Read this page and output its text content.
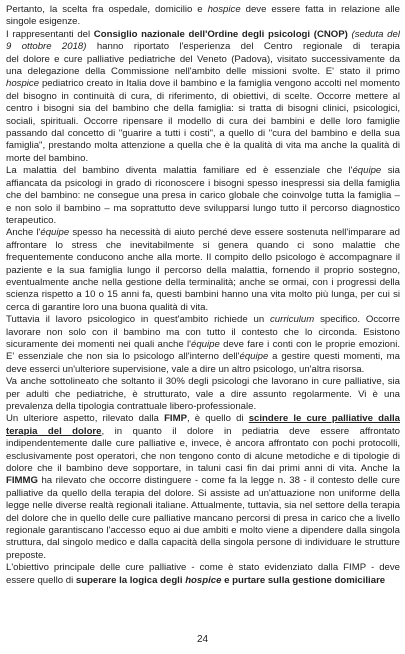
Pertanto, la scelta fra ospedale, domicilio e hospice deve essere fatta in relazione alle
singole esigenze.

I rappresentanti del Consiglio nazionale dell'Ordine degli psicologi (CNOP) (seduta del
9 ottobre 2018) hanno riportato l'esperienza del Centro regionale di terapia
del dolore e cure palliative pediatriche del Veneto (Padova), visitato successivamente da
una delegazione della Commissione nell'ambito delle missioni svolte. E' stato il primo
hospice pediatrico creato in Italia dove il bambino e la famiglia vengono accolti nel momento
del bisogno in continuità di cura, di riferimento, di obiettivi, di scelte. Occorre mettere al
centro i bisogni sia del bambino che della famiglia: si tratta di bisogni clinici, psicologici,
sociali, spirituali. Occorre ripensare il modello di cura dei bambini e delle loro famiglie
passando dal concetto di "guarire a tutti i costi", a quello di "cura del bambino e della sua
famiglia", prestando molta attenzione a quella che è la qualità di vita ma anche la qualità di
morte del bambino.

La malattia del bambino diventa malattia familiare ed è essenziale che l'équipe sia
affiancata da psicologi in grado di riconoscere i bisogni spesso inespressi sia della famiglia
che del bambino: ne consegue una presa in carico globale che coinvolge tutta la famiglia –
e non solo il bambino – ma soprattutto deve svilupparsi lungo tutto il percorso diagnostico
terapeutico.

Anche l'équipe spesso ha necessità di aiuto perché deve essere sostenuta nell'imparare ad
affrontare lo stress che inevitabilmente si genera quando ci sono malattie che
frequentemente conducono anche alla morte. Il compito dello psicologo è accompagnare il
paziente e la sua famiglia lungo il percorso della malattia, fornendo il proprio sostegno,
eventualmente anche nella gestione della terminalità; anche se ormai, con i progressi della
scienza rispetto a 10 o 15 anni fa, questi bambini hanno una vita molto più lunga, per cui si
cerca di garantire loro una buona qualità di vita.

Tuttavia il lavoro psicologico in quest'ambito richiede un curriculum specifico. Occorre
lavorare non solo con il bambino ma con tutto il contesto che lo circonda. Esistono
sicuramente dei momenti nei quali anche l'équipe deve fare i conti con le proprie emozioni.
E' essenziale che non sia lo psicologo all'interno dell'équipe a gestire questi momenti, ma
deve esserci un'ulteriore supervisione, vale a dire un altro psicologo, un'altra risorsa.

Va anche sottolineato che soltanto il 30% degli psicologi che lavorano in cure palliative, sia
per adulti che pediatriche, è strutturato, vale a dire assunto regolarmente. Vi è una
prevalenza della tipologia contrattuale libero-professionale.

Un ulteriore aspetto, rilevato dalla FIMP, è quello di scindere le cure palliative dalla
terapia del dolore, in quanto il dolore in pediatria deve essere affrontato
indipendentemente dalle cure palliative e, invece, è ancora affrontato con pochi protocolli,
esclusivamente post operatori, che non tengono conto di alcune metodiche e di tipologie di
dolore che il bambino deve sopportare, in taluni casi fin dai primi anni di vita. Anche la
FIMMG ha rilevato che occorre distinguere - come fa la legge n. 38 - il contesto delle cure
palliative da quello della terapia del dolore. Si assiste ad un'attuazione non uniforme della
legge nelle diverse realtà regionali italiane. Attualmente, tuttavia, sia nel settore della terapia
del dolore che in quello delle cure palliative mancano percorsi di presa in carico che a livello
regionale garantiscano l'accesso equo ai due ambiti e molto viene a dipendere dalla singola
struttura, dal singolo medico e dalla capacità della singola persone di individuare le strutture
preposte.

L'obiettivo principale delle cure palliative - come è stato evidenziato dalla FIMP - deve
essere quello di superare la logica degli hospice e purtare sulla gestione domiciliare

24
